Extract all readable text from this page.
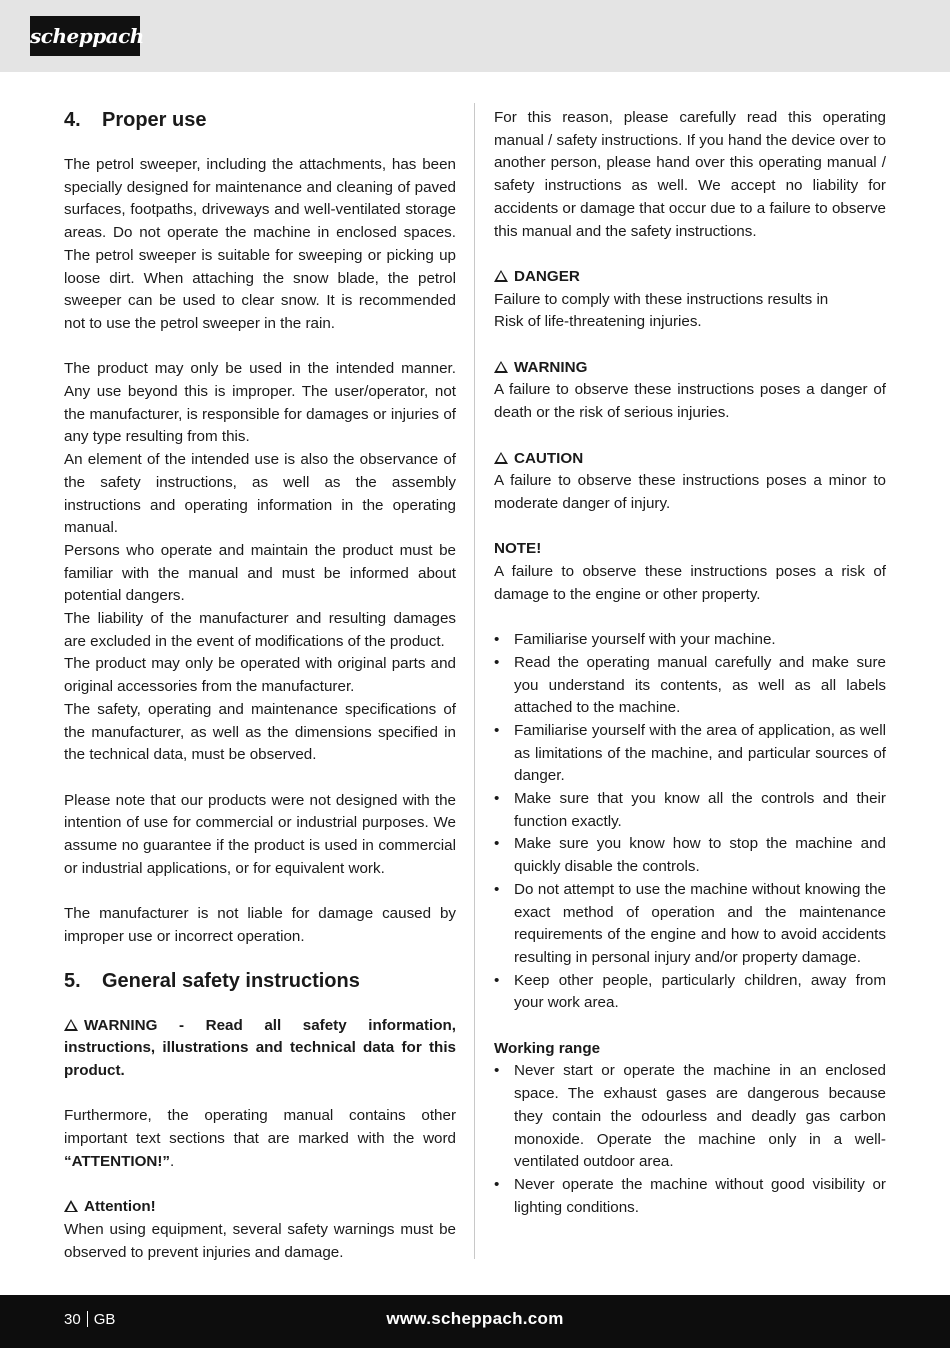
scheppach
4. Proper use

The petrol sweeper, including the attachments, has been specially designed for maintenance and cleaning of paved surfaces, footpaths, driveways and well-ventilated storage areas. Do not operate the machine in enclosed spaces. The petrol sweeper is suitable for sweeping or picking up loose dirt. When attaching the snow blade, the petrol sweeper can be used to clear snow. It is recommended not to use the petrol sweeper in the rain.

The product may only be used in the intended manner. Any use beyond this is improper. The user/operator, not the manufacturer, is responsible for damages or injuries of any type resulting from this.

An element of the intended use is also the observance of the safety instructions, as well as the assembly instructions and operating information in the operating manual.

Persons who operate and maintain the product must be familiar with the manual and must be informed about potential dangers.

The liability of the manufacturer and resulting damages are excluded in the event of modifications of the product.

The product may only be operated with original parts and original accessories from the manufacturer.

The safety, operating and maintenance specifications of the manufacturer, as well as the dimensions specified in the technical data, must be observed.

Please note that our products were not designed with the intention of use for commercial or industrial purposes. We assume no guarantee if the product is used in commercial or industrial applications, or for equivalent work.

The manufacturer is not liable for damage caused by improper use or incorrect operation.

5. General safety instructions

WARNING - Read all safety information, instructions, illustrations and technical data for this product.

Furthermore, the operating manual contains other important text sections that are marked with the word “ATTENTION!”.

Attention!

When using equipment, several safety warnings must be observed to prevent injuries and damage.

For this reason, please carefully read this operating manual / safety instructions. If you hand the device over to another person, please hand over this operating manual / safety instructions as well. We accept no liability for accidents or damage that occur due to a failure to observe this manual and the safety instructions.

DANGER

Failure to comply with these instructions results in

Risk of life-threatening injuries.

WARNING

A failure to observe these instructions poses a danger of death or the risk of serious injuries.

CAUTION

A failure to observe these instructions poses a minor to moderate danger of injury.

NOTE!

A failure to observe these instructions poses a risk of damage to the engine or other property.

• Familiarise yourself with your machine.
• Read the operating manual carefully and make sure you understand its contents, as well as all labels attached to the machine.
• Familiarise yourself with the area of application, as well as limitations of the machine, and particular sources of danger.
• Make sure that you know all the controls and their function exactly.
• Make sure you know how to stop the machine and quickly disable the controls.
• Do not attempt to use the machine without knowing the exact method of operation and the maintenance requirements of the engine and how to avoid accidents resulting in personal injury and/or property damage.
• Keep other people, particularly children, away from your work area.

Working range

• Never start or operate the machine in an enclosed space. The exhaust gases are dangerous because they contain the odourless and deadly gas carbon monoxide. Operate the machine only in a well-ventilated outdoor area.
• Never operate the machine without good visibility or lighting conditions.
30 GB	www.scheppach.com
